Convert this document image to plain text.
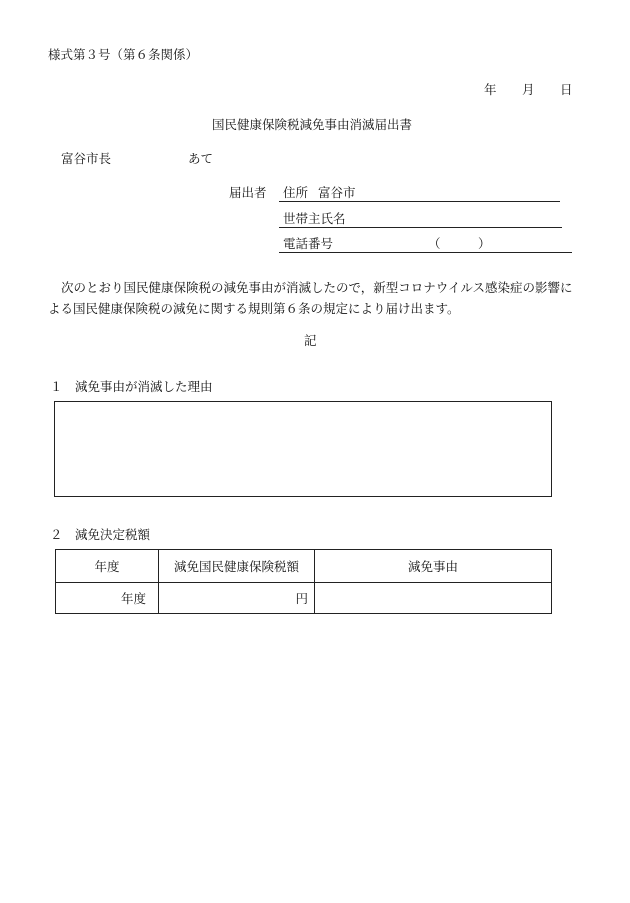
様式第３号（第６条関係）
年 月 日
国民健康保険税減免事由消滅届出書
富谷市長	あて
届出者 住所 富谷市
世帯主氏名
電話番号	（　　　）
次のとおり国民健康保険税の減免事由が消滅したので，新型コロナウイルス感染症の影響による国民健康保険税の減免に関する規則第６条の規定により届け出ます。
記
１　減免事由が消滅した理由
２　減免決定税額
年度	減免国民健康保険税額	減免事由
年度	円	
